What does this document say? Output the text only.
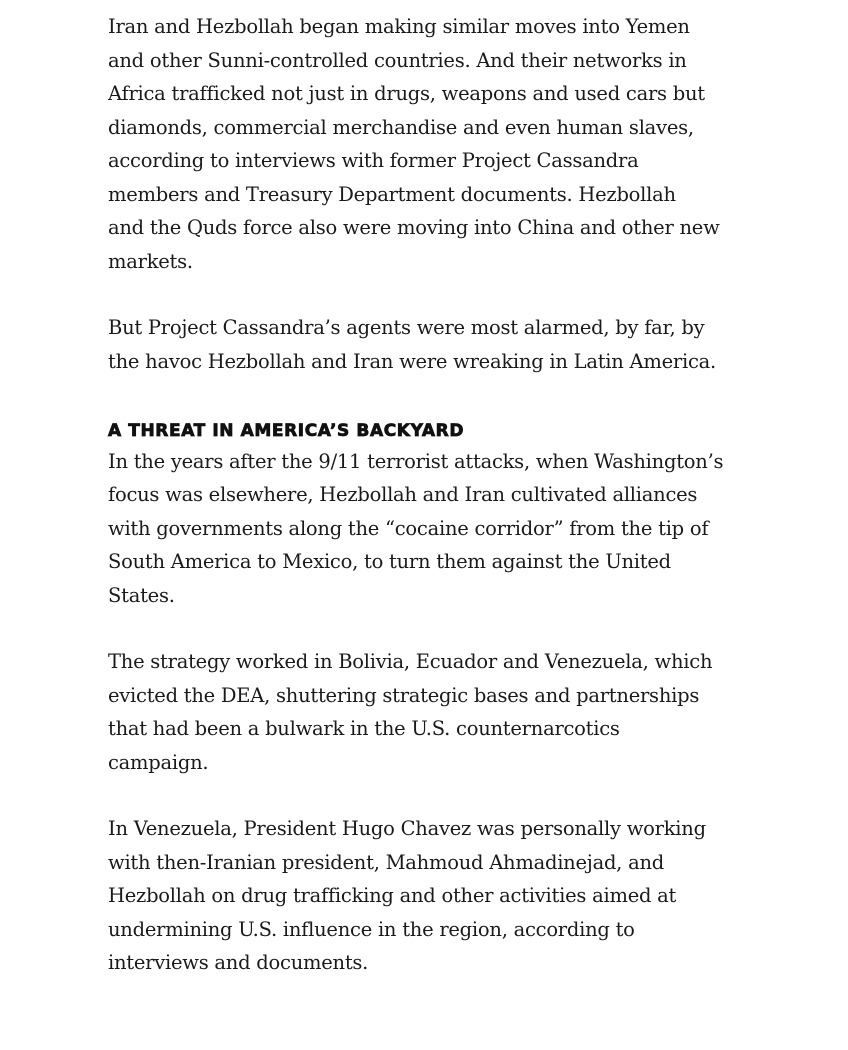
Iran and Hezbollah began making similar moves into Yemen
and other Sunni-controlled countries. And their networks in
Africa trafficked not just in drugs, weapons and used cars but
diamonds, commercial merchandise and even human slaves,
according to interviews with former Project Cassandra
members and Treasury Department documents. Hezbollah
and the Quds force also were moving into China and other new
markets.

But Project Cassandra’s agents were most alarmed, by far, by
the havoc Hezbollah and Iran were wreaking in Latin America.

A THREAT IN AMERICA’S BACKYARD

In the years after the 9/11 terrorist attacks, when Washington’s
focus was elsewhere, Hezbollah and Iran cultivated alliances
with governments along the “cocaine corridor” from the tip of
South America to Mexico, to turn them against the United
States.

The strategy worked in Bolivia, Ecuador and Venezuela, which
evicted the DEA, shuttering strategic bases and partnerships
that had been a bulwark in the U.S. counternarcotics
campaign.

In Venezuela, President Hugo Chavez was personally working
with then-Iranian president, Mahmoud Ahmadinejad, and
Hezbollah on drug trafficking and other activities aimed at
undermining U.S. influence in the region, according to
interviews and documents.
